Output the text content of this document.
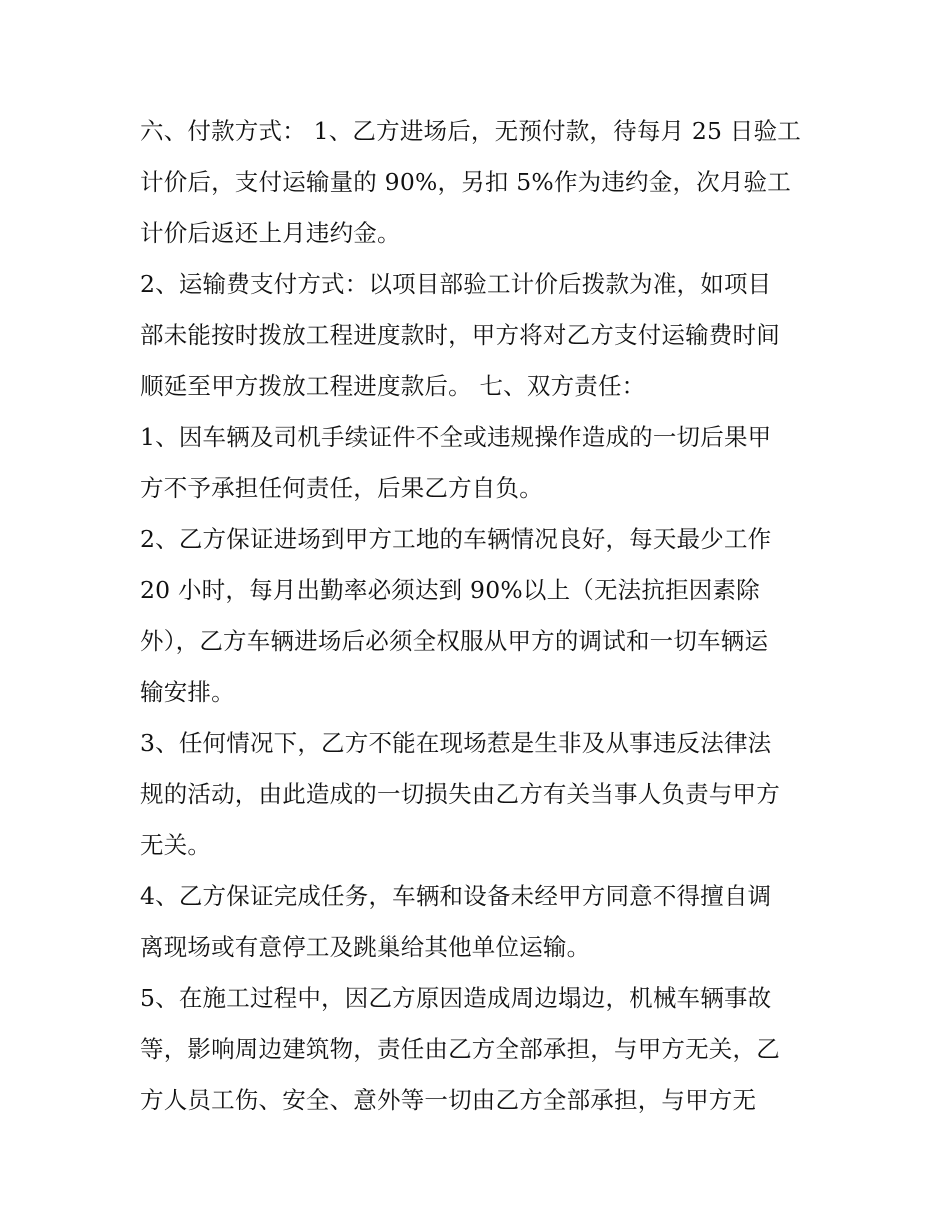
六、付款方式： 1、乙方进场后，无预付款，待每月 25 日验工
计价后，支付运输量的 90%，另扣 5%作为违约金，次月验工
计价后返还上月违约金。
2、运输费支付方式：以项目部验工计价后拨款为准，如项目
部未能按时拨放工程进度款时，甲方将对乙方支付运输费时间
顺延至甲方拨放工程进度款后。 七、双方责任：
1、因车辆及司机手续证件不全或违规操作造成的一切后果甲
方不予承担任何责任，后果乙方自负。
2、乙方保证进场到甲方工地的车辆情况良好，每天最少工作
20 小时，每月出勤率必须达到 90%以上（无法抗拒因素除
外），乙方车辆进场后必须全权服从甲方的调试和一切车辆运
输安排。
3、任何情况下，乙方不能在现场惹是生非及从事违反法律法
规的活动，由此造成的一切损失由乙方有关当事人负责与甲方
无关。
4、乙方保证完成任务，车辆和设备未经甲方同意不得擅自调
离现场或有意停工及跳巢给其他单位运输。
5、在施工过程中，因乙方原因造成周边塌边，机械车辆事故
等，影响周边建筑物，责任由乙方全部承担，与甲方无关，乙
方人员工伤、安全、意外等一切由乙方全部承担，与甲方无
